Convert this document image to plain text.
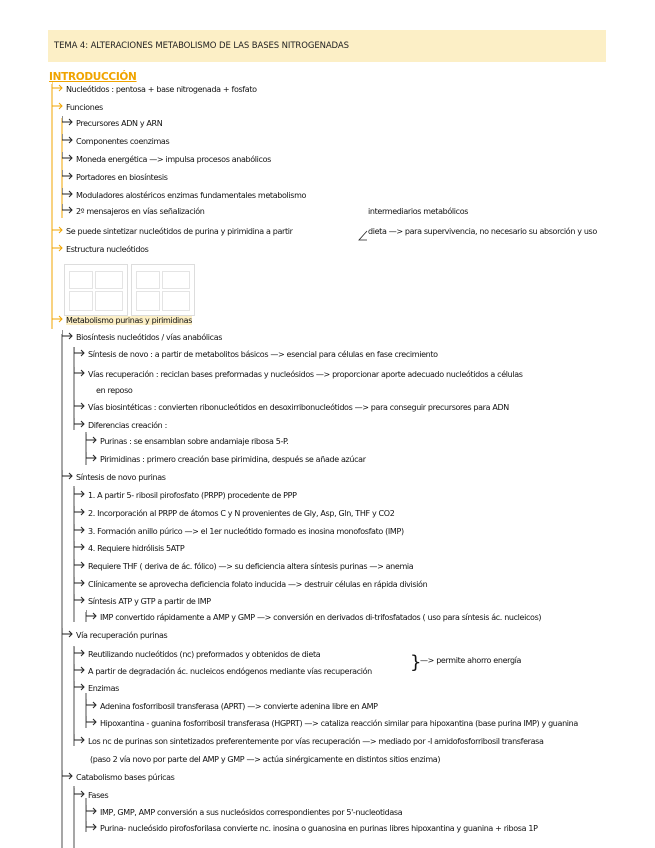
TEMA 4: ALTERACIONES METABOLISMO DE LAS BASES NITROGENADAS
INTRODUCCIÓN
Nucleótidos : pentosa + base nitrogenada + fosfato
Funciones
Precursores ADN y ARN
Componentes coenzimas
Moneda energética —> impulsa procesos anabólicos
Portadores en biosíntesis
Moduladores alostéricos enzimas fundamentales metabolismo
2º mensajeros en vías señalización	intermediarios metabólicos
Se puede sintetizar nucleótidos de purina y pirimidina a partir	dieta —> para supervivencia, no necesario su absorción y uso
Estructura nucleótidos
Metabolismo purinas y pirimidinas
Biosíntesis nucleótidos / vías anabólicas
Síntesis de novo : a partir de metabolitos básicos —> esencial para células en fase crecimiento
Vías recuperación : reciclan bases preformadas y nucleósidos —> proporcionar aporte adecuado nucleótidos a células
en reposo
Vías biosintéticas : convierten ribonucleótidos en desoxirribonucleótidos —> para conseguir precursores para ADN
Diferencias creación :
Purinas : se ensamblan sobre andamiaje ribosa 5-P.
Pirimidinas : primero creación base pirimidina, después se añade azúcar
Síntesis de novo purinas
1. A partir 5- ribosil pirofosfato (PRPP) procedente de PPP
2. Incorporación al PRPP de átomos C y N provenientes de Gly, Asp, Gln, THF y CO2
3. Formación anillo púrico —> el 1er nucleótido formado es inosina monofosfato (IMP)
4. Requiere hidrólisis 5ATP
Requiere THF ( deriva de ác. fólico) —> su deficiencia altera síntesis purinas —> anemia
Clínicamente se aprovecha deficiencia folato inducida —> destruir células en rápida división
Síntesis ATP y GTP a partir de IMP
IMP convertido rápidamente a AMP y GMP —> conversión en derivados di-trifosfatados ( uso para síntesis ác. nucleicos)
Vía recuperación purinas
Reutilizando nucleótidos (nc) preformados y obtenidos de dieta
A partir de degradación ác. nucleicos endógenos mediante vías recuperación
—> permite ahorro energía
Enzimas
Adenina fosforribosil transferasa (APRT) —> convierte adenina libre en AMP
Hipoxantina - guanina fosforribosil transferasa (HGPRT) —> cataliza reacción similar para hipoxantina (base purina IMP) y guanina
Los nc de purinas son sintetizados preferentemente por vías recuperación —> mediado por -I amidofosforribosil transferasa
(paso 2 vía novo por parte del AMP y GMP —> actúa sinérgicamente en distintos sitios enzima)
Catabolismo bases púricas
Fases
IMP, GMP, AMP conversión a sus nucleósidos correspondientes por 5'-nucleotidasa
Purina- nucleósido pirofosforilasa convierte nc. inosina o guanosina en purinas libres hipoxantina y guanina + ribosa 1P
}
